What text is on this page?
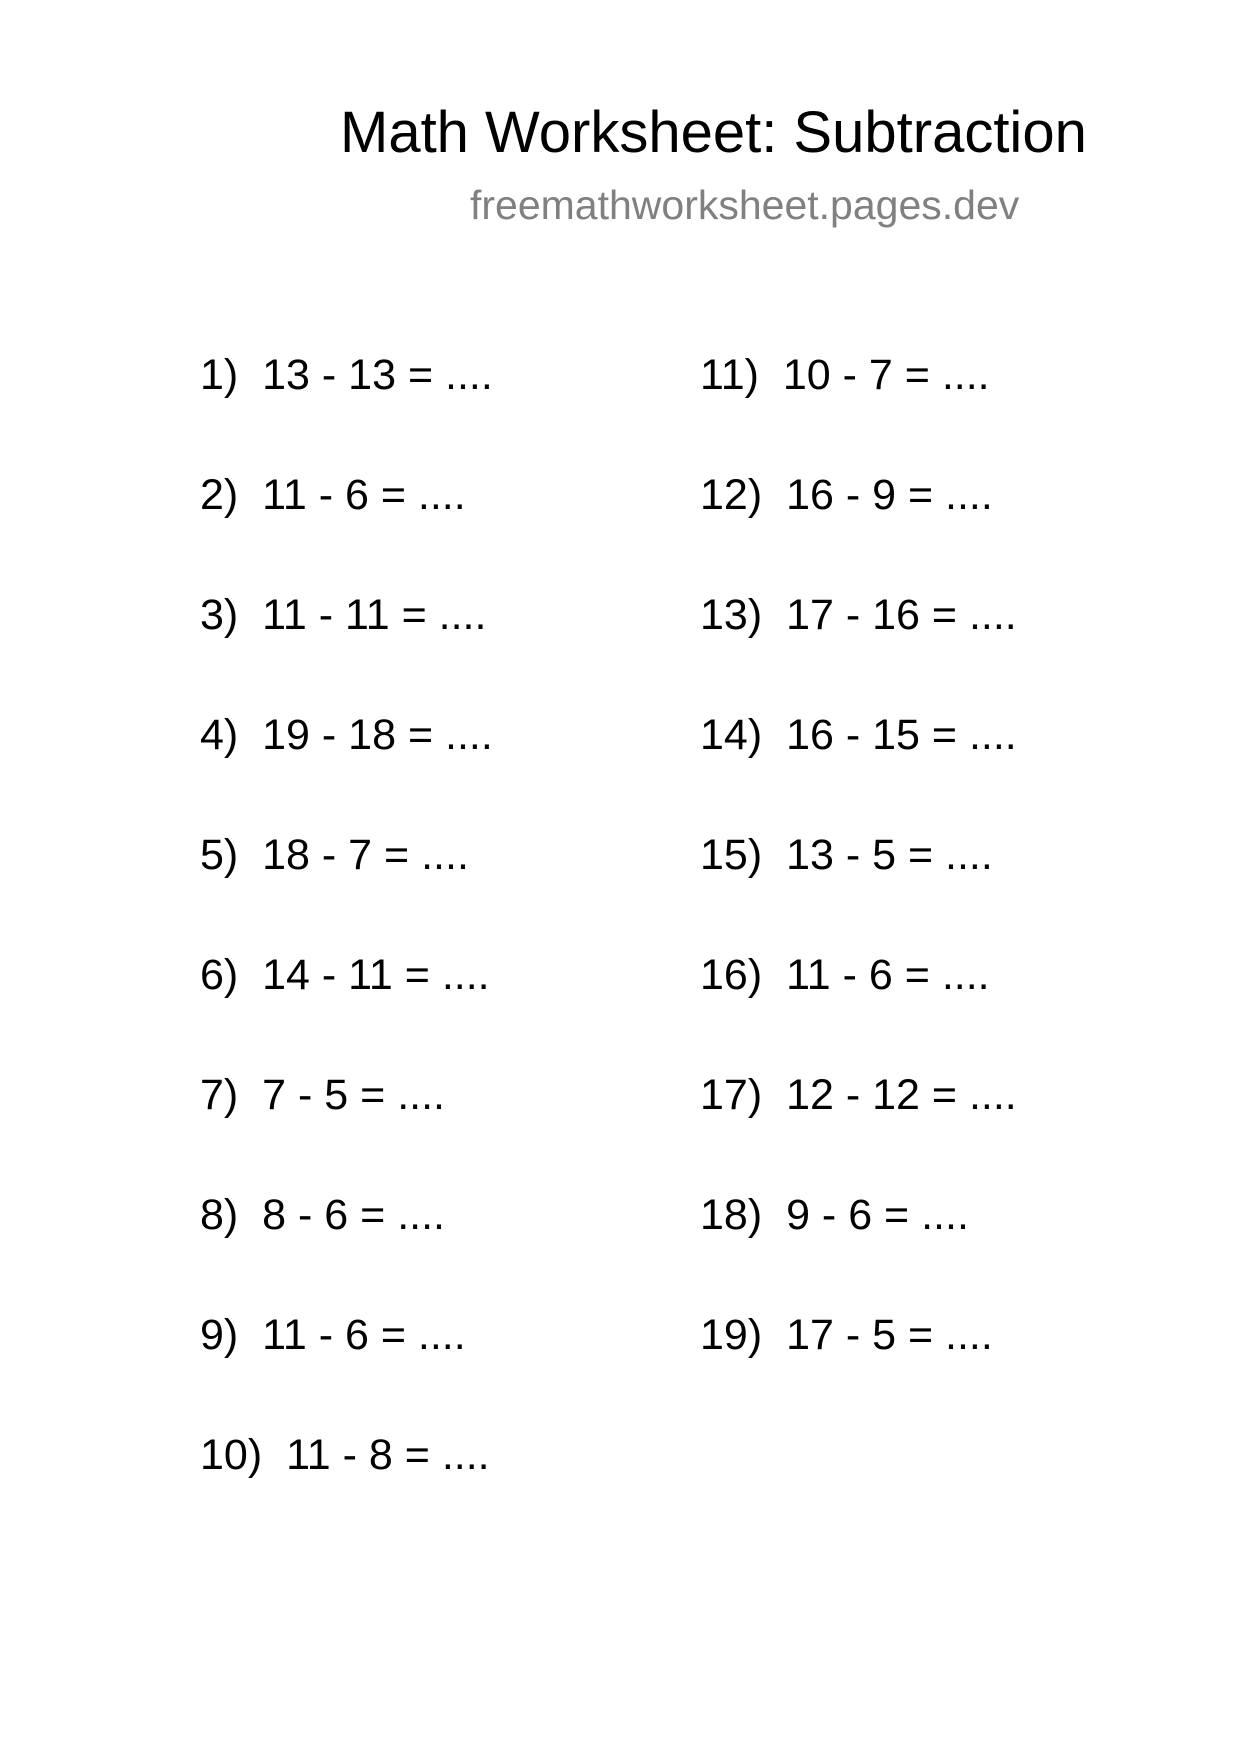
Math Worksheet: Subtraction
freemathworksheet.pages.dev
1 ) 13 - 13 = ....
2 ) 11 - 6 = ....
3 ) 11 - 11 = ....
4 ) 19 - 18 = ....
5 ) 18 - 7 = ....
6 ) 14 - 11 = ....
7 ) 7 - 5 = ....
8 ) 8 - 6 = ....
9 ) 11 - 6 = ....
10 ) 11 - 8 = ....
11 ) 10 - 7 = ....
12 ) 16 - 9 = ....
13 ) 17 - 16 = ....
14 ) 16 - 15 = ....
15 ) 13 - 5 = ....
16 ) 11 - 6 = ....
17 ) 12 - 12 = ....
18 ) 9 - 6 = ....
19 ) 17 - 5 = ....
